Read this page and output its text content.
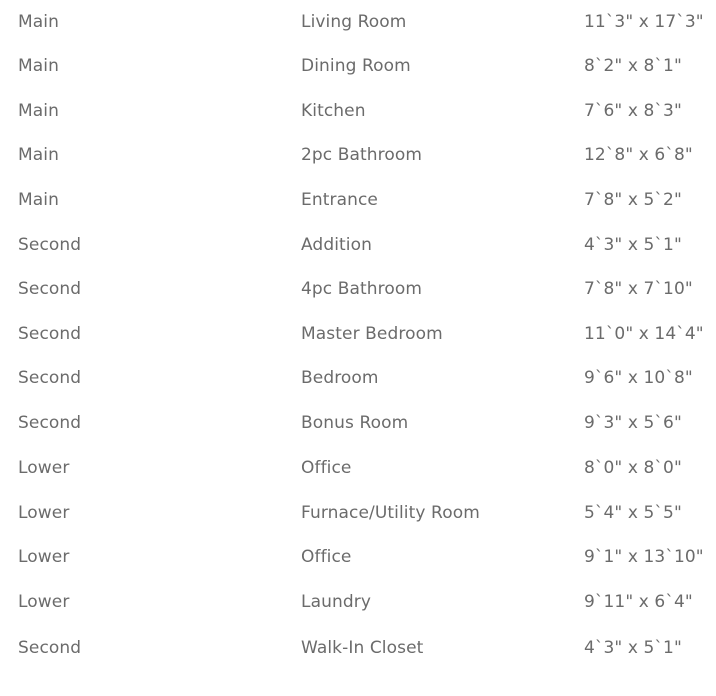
Main	Living Room	11`3" x 17`3"
Main	Dining Room	8`2" x 8`1"
Main	Kitchen	7`6" x 8`3"
Main	2pc Bathroom	12`8" x 6`8"
Main	Entrance	7`8" x 5`2"
Second	Addition	4`3" x 5`1"
Second	4pc Bathroom	7`8" x 7`10"
Second	Master Bedroom	11`0" x 14`4"
Second	Bedroom	9`6" x 10`8"
Second	Bonus Room	9`3" x 5`6"
Lower	Office	8`0" x 8`0"
Lower	Furnace/Utility Room	5`4" x 5`5"
Lower	Office	9`1" x 13`10"
Lower	Laundry	9`11" x 6`4"
Second	Walk-In Closet	4`3" x 5`1"
